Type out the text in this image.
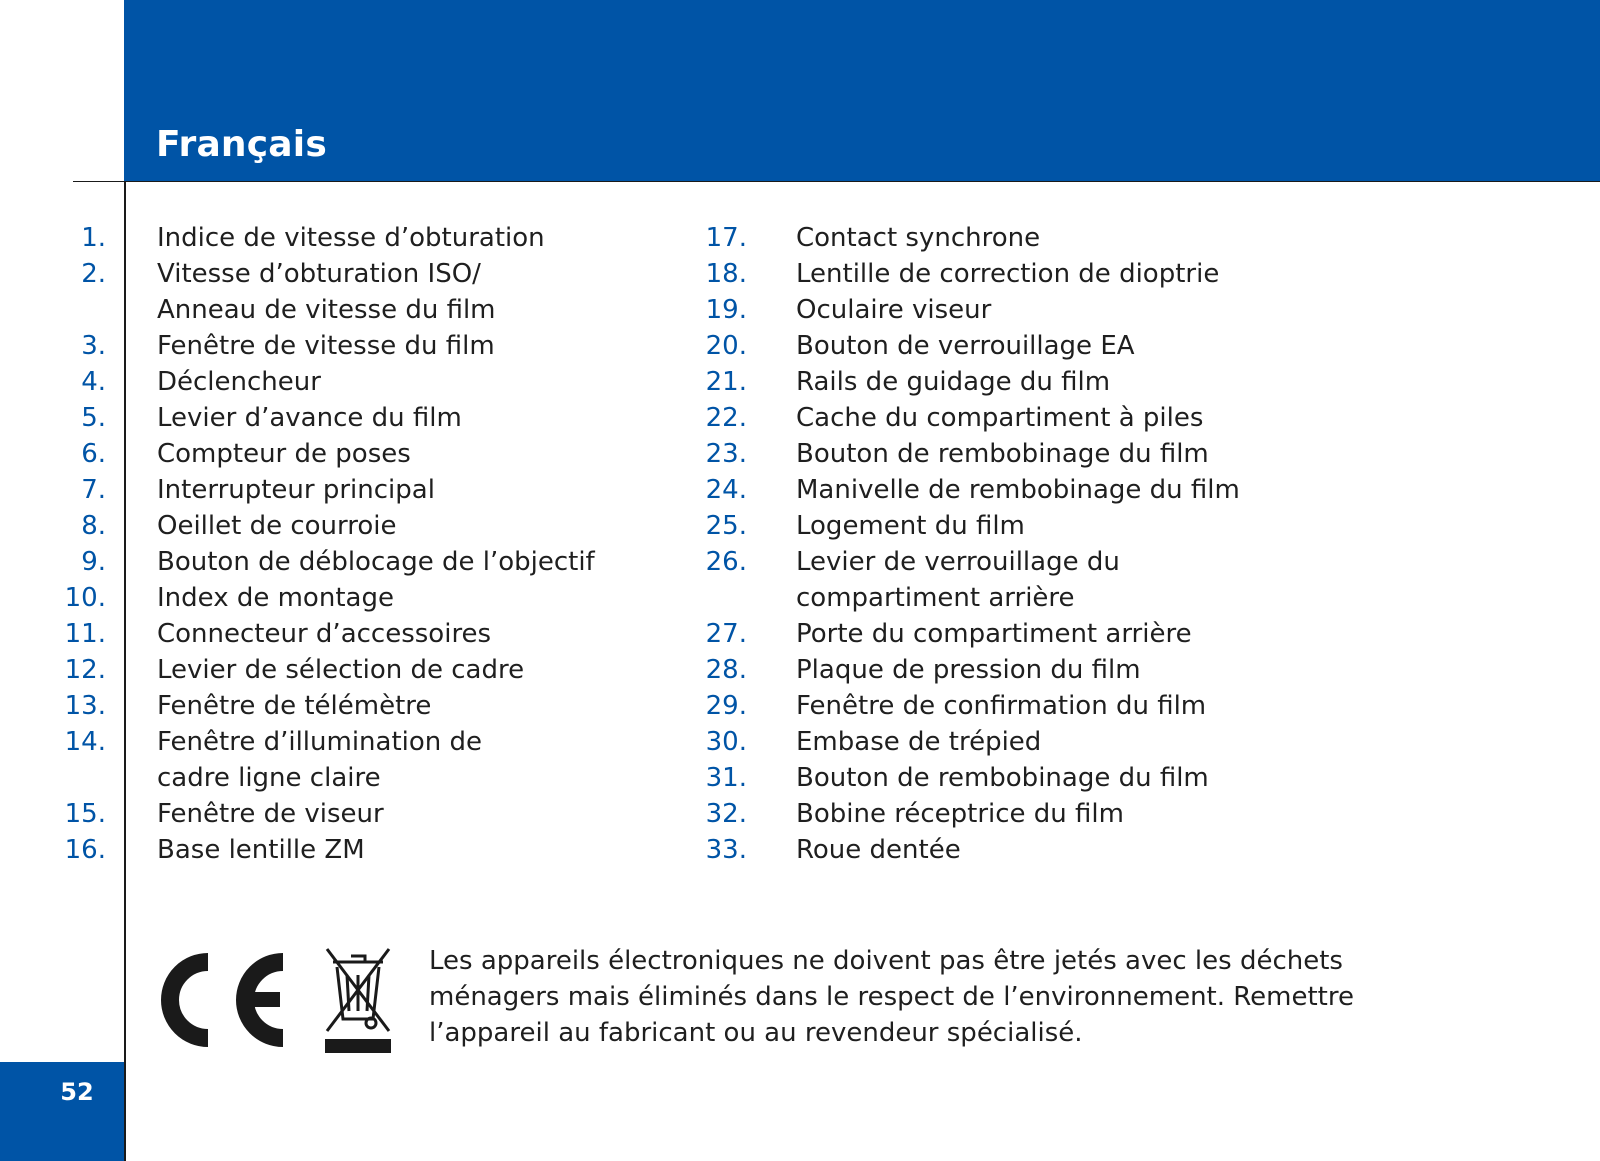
Français
1. Indice de vitesse d’obturation
2. Vitesse d’obturation ISO/
Anneau de vitesse du film
3. Fenêtre de vitesse du film
4. Déclencheur
5. Levier d’avance du film
6. Compteur de poses
7. Interrupteur principal
8. Oeillet de courroie
9. Bouton de déblocage de l’objectif
10. Index de montage
11. Connecteur d’accessoires
12. Levier de sélection de cadre
13. Fenêtre de télémètre
14. Fenêtre d’illumination de
cadre ligne claire
15. Fenêtre de viseur
16. Base lentille ZM
17. Contact synchrone
18. Lentille de correction de dioptrie
19. Oculaire viseur
20. Bouton de verrouillage EA
21. Rails de guidage du film
22. Cache du compartiment à piles
23. Bouton de rembobinage du film
24. Manivelle de rembobinage du film
25. Logement du film
26. Levier de verrouillage du
compartiment arrière
27. Porte du compartiment arrière
28. Plaque de pression du film
29. Fenêtre de confirmation du film
30. Embase de trépied
31. Bouton de rembobinage du film
32. Bobine réceptrice du film
33. Roue dentée
Les appareils électroniques ne doivent pas être jetés avec les déchets
ménagers mais éliminés dans le respect de l’environnement. Remettre
l’appareil au fabricant ou au revendeur spécialisé.
52
